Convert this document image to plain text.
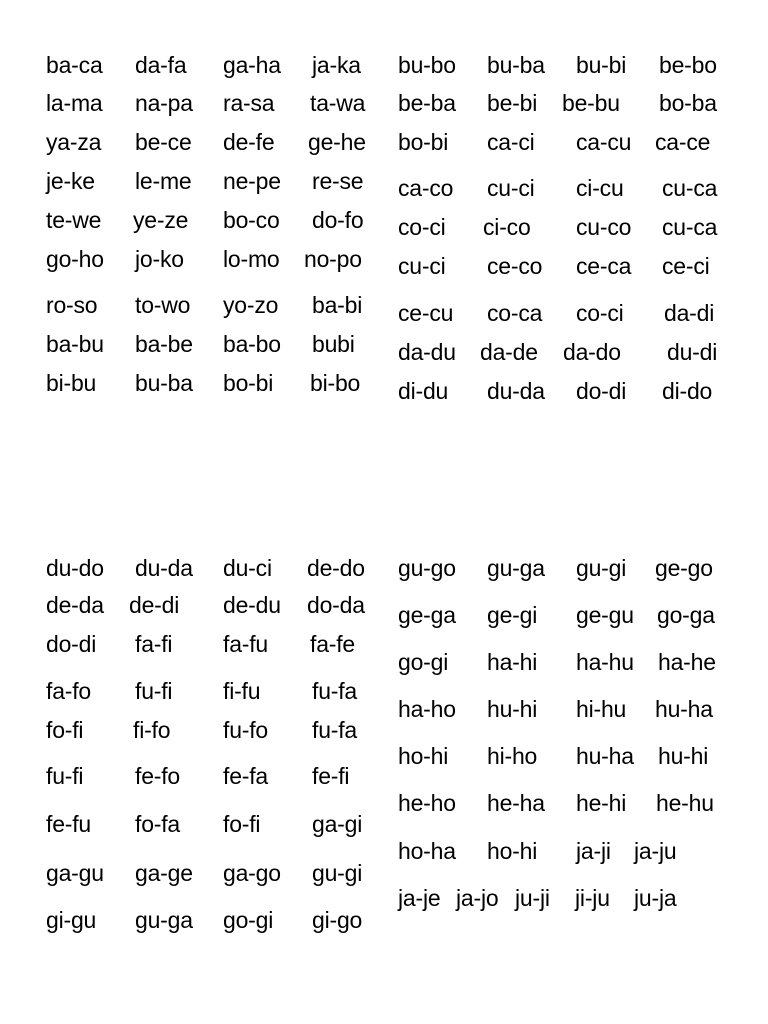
ba-ca da-fa ga-ha ja-ka
la-ma na-pa ra-sa ta-wa
ya-za be-ce de-fe ge-he
je-ke le-me ne-pe re-se
te-we ye-ze bo-co do-fo
go-ho jo-ko lo-mo no-po
ro-so to-wo yo-zo ba-bi
ba-bu ba-be ba-bo bubi
bi-bu bu-ba bo-bi bi-bo
bu-bo bu-ba bu-bi be-bo
be-ba be-bi be-bu bo-ba
bo-bi ca-ci ca-cu ca-ce
ca-co cu-ci ci-cu cu-ca
co-ci ci-co cu-co cu-ca
cu-ci ce-co ce-ca ce-ci
ce-cu co-ca co-ci da-di
da-du da-de da-do du-di
di-du du-da do-di di-do
du-do du-da du-ci de-do
de-da de-di de-du do-da
do-di fa-fi fa-fu fa-fe
fa-fo fu-fi fi-fu fu-fa
fo-fi fi-fo fu-fo fu-fa
fu-fi fe-fo fe-fa fe-fi
fe-fu fo-fa fo-fi ga-gi
ga-gu ga-ge ga-go gu-gi
gi-gu gu-ga go-gi gi-go
gu-go gu-ga gu-gi ge-go
ge-ga ge-gi ge-gu go-ga
go-gi ha-hi ha-hu ha-he
ha-ho hu-hi hi-hu hu-ha
ho-hi hi-ho hu-ha hu-hi
he-ho he-ha he-hi he-hu
ho-ha ho-hi ja-ji ja-ju
ja-je ja-jo ju-ji ji-ju ju-ja
